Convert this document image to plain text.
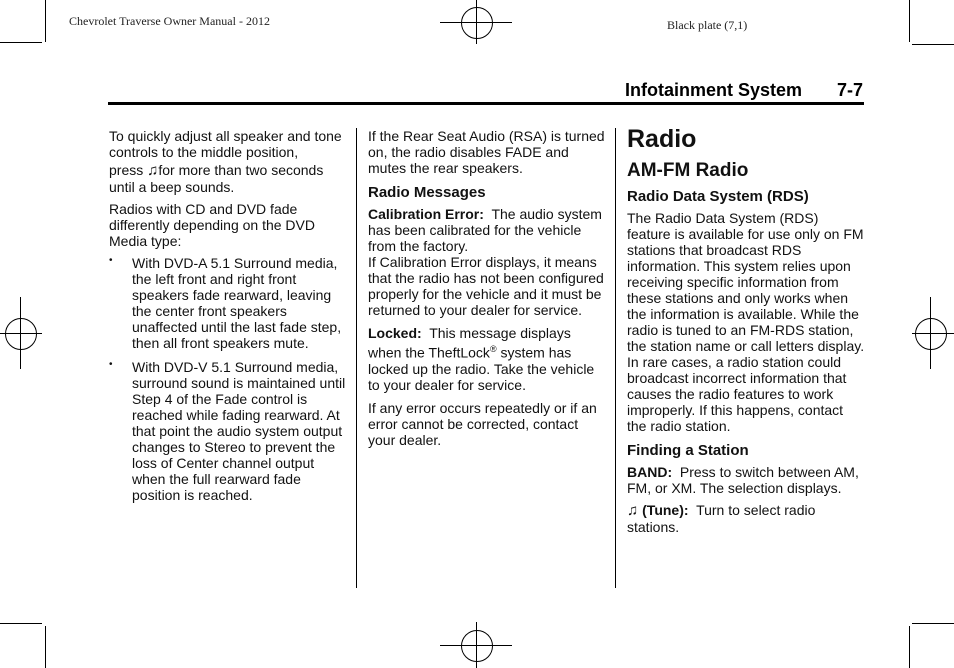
Chevrolet Traverse Owner Manual - 2012	Black plate (7,1)
Infotainment System 7-7

To quickly adjust all speaker and tone controls to the middle position,

press ♫for more than two seconds until a beep sounds.

Radios with CD and DVD fade differently depending on the DVD Media type:

• With DVD-A 5.1 Surround media, the left front and right front speakers fade rearward, leaving the center front speakers unaffected until the last fade step, then all front speakers mute.
• With DVD-V 5.1 Surround media, surround sound is maintained until Step 4 of the Fade control is reached while fading rearward. At that point the audio system output changes to Stereo to prevent the loss of Center channel output when the full rearward fade position is reached.

If the Rear Seat Audio (RSA) is turned on, the radio disables FADE and mutes the rear speakers.

Radio Messages

Calibration Error: The audio system has been calibrated for the vehicle from the factory.

If Calibration Error displays, it means that the radio has not been configured properly for the vehicle and it must be returned to your dealer for service.

Locked: This message displays when the TheftLock® system has locked up the radio. Take the vehicle to your dealer for service.

If any error occurs repeatedly or if an error cannot be corrected, contact your dealer.

Radio
AM-FM Radio
Radio Data System (RDS)

The Radio Data System (RDS) feature is available for use only on FM stations that broadcast RDS information. This system relies upon receiving specific information from these stations and only works when the information is available. While the radio is tuned to an FM-RDS station, the station name or call letters display. In rare cases, a radio station could broadcast incorrect information that causes the radio features to work improperly. If this happens, contact the radio station.

Finding a Station

BAND: Press to switch between AM, FM, or XM. The selection displays.

♫ (Tune): Turn to select radio stations.
